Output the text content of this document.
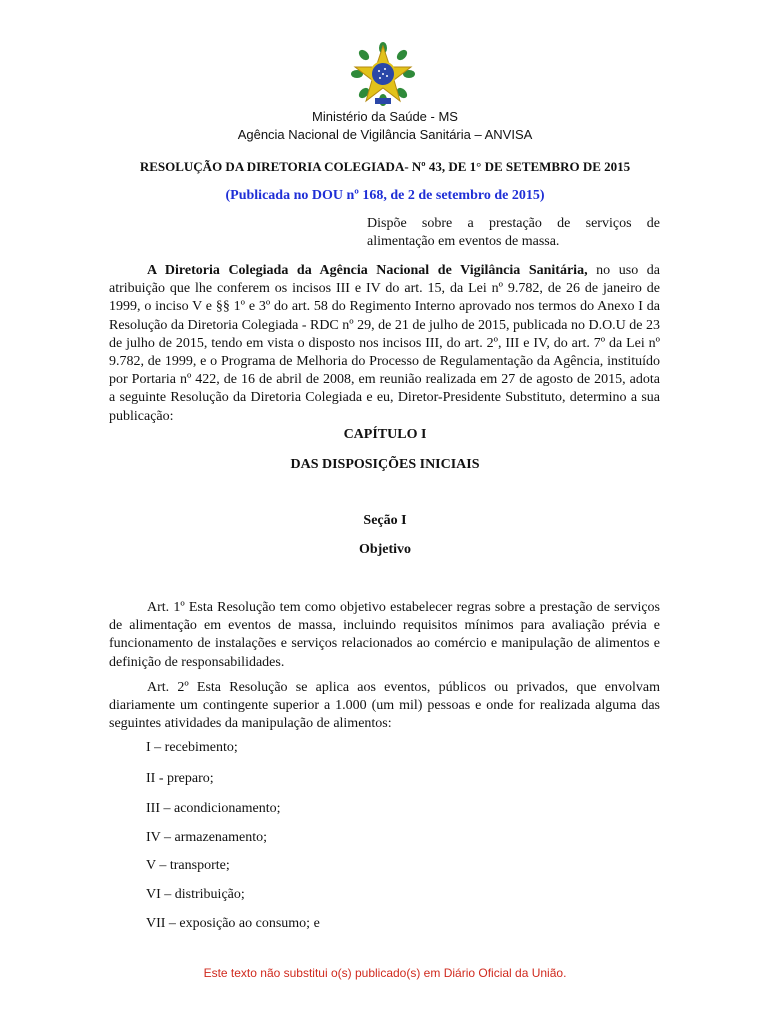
Ministério da Saúde - MS
Agência Nacional de Vigilância Sanitária – ANVISA
RESOLUÇÃO DA DIRETORIA COLEGIADA- Nº 43, DE 1° DE SETEMBRO DE 2015
(Publicada no DOU nº 168, de 2 de setembro de 2015)
Dispõe sobre a prestação de serviços de alimentação em eventos de massa.
A Diretoria Colegiada da Agência Nacional de Vigilância Sanitária, no uso da atribuição que lhe conferem os incisos III e IV do art. 15, da Lei nº 9.782, de 26 de janeiro de 1999, o inciso V e §§ 1º e 3º do art. 58 do Regimento Interno aprovado nos termos do Anexo I da Resolução da Diretoria Colegiada - RDC nº 29, de 21 de julho de 2015, publicada no D.O.U de 23 de julho de 2015, tendo em vista o disposto nos incisos III, do art. 2º, III e IV, do art. 7º da Lei nº 9.782, de 1999, e o Programa de Melhoria do Processo de Regulamentação da Agência, instituído por Portaria nº 422, de 16 de abril de 2008, em reunião realizada em 27 de agosto de 2015, adota a seguinte Resolução da Diretoria Colegiada e eu, Diretor-Presidente Substituto, determino a sua publicação:
CAPÍTULO I
DAS DISPOSIÇÕES INICIAIS
Seção I
Objetivo
Art. 1º Esta Resolução tem como objetivo estabelecer regras sobre a prestação de serviços de alimentação em eventos de massa, incluindo requisitos mínimos para avaliação prévia e funcionamento de instalações e serviços relacionados ao comércio e manipulação de alimentos e definição de responsabilidades.
Art. 2º Esta Resolução se aplica aos eventos, públicos ou privados, que envolvam diariamente um contingente superior a 1.000 (um mil) pessoas e onde for realizada alguma das seguintes atividades da manipulação de alimentos:
I – recebimento;
II - preparo;
III – acondicionamento;
IV – armazenamento;
V – transporte;
VI – distribuição;
VII – exposição ao consumo; e
Este texto não substitui o(s) publicado(s) em Diário Oficial da União.
